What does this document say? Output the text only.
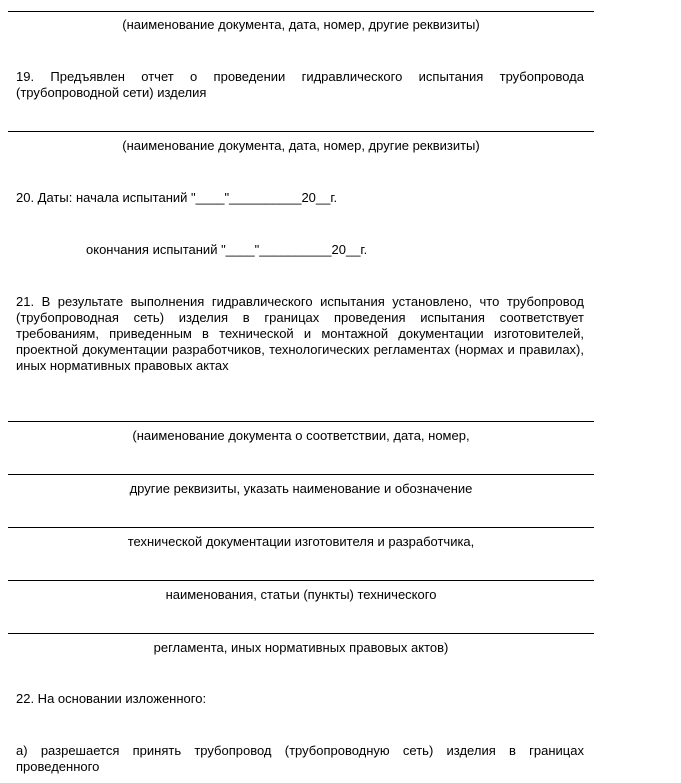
(наименование документа, дата, номер, другие реквизиты)
19. Предъявлен отчет о проведении гидравлического испытания трубопровода (трубопроводной сети) изделия
(наименование документа, дата, номер, другие реквизиты)
20. Даты: начала испытаний "____"__________20__г.
окончания испытаний "____"__________20__г.
21. В результате выполнения гидравлического испытания установлено, что трубопровод (трубопроводная сеть) изделия в границах проведения испытания соответствует требованиям, приведенным в технической и монтажной документации изготовителей, проектной документации разработчиков, технологических регламентах (нормах и правилах), иных нормативных правовых актах
(наименование документа о соответствии, дата, номер,
другие реквизиты, указать наименование и обозначение
технической документации изготовителя и разработчика,
наименования, статьи (пункты) технического
регламента, иных нормативных правовых актов)
22. На основании изложенного:
а) разрешается принять трубопровод (трубопроводную сеть) изделия в границах проведенного
